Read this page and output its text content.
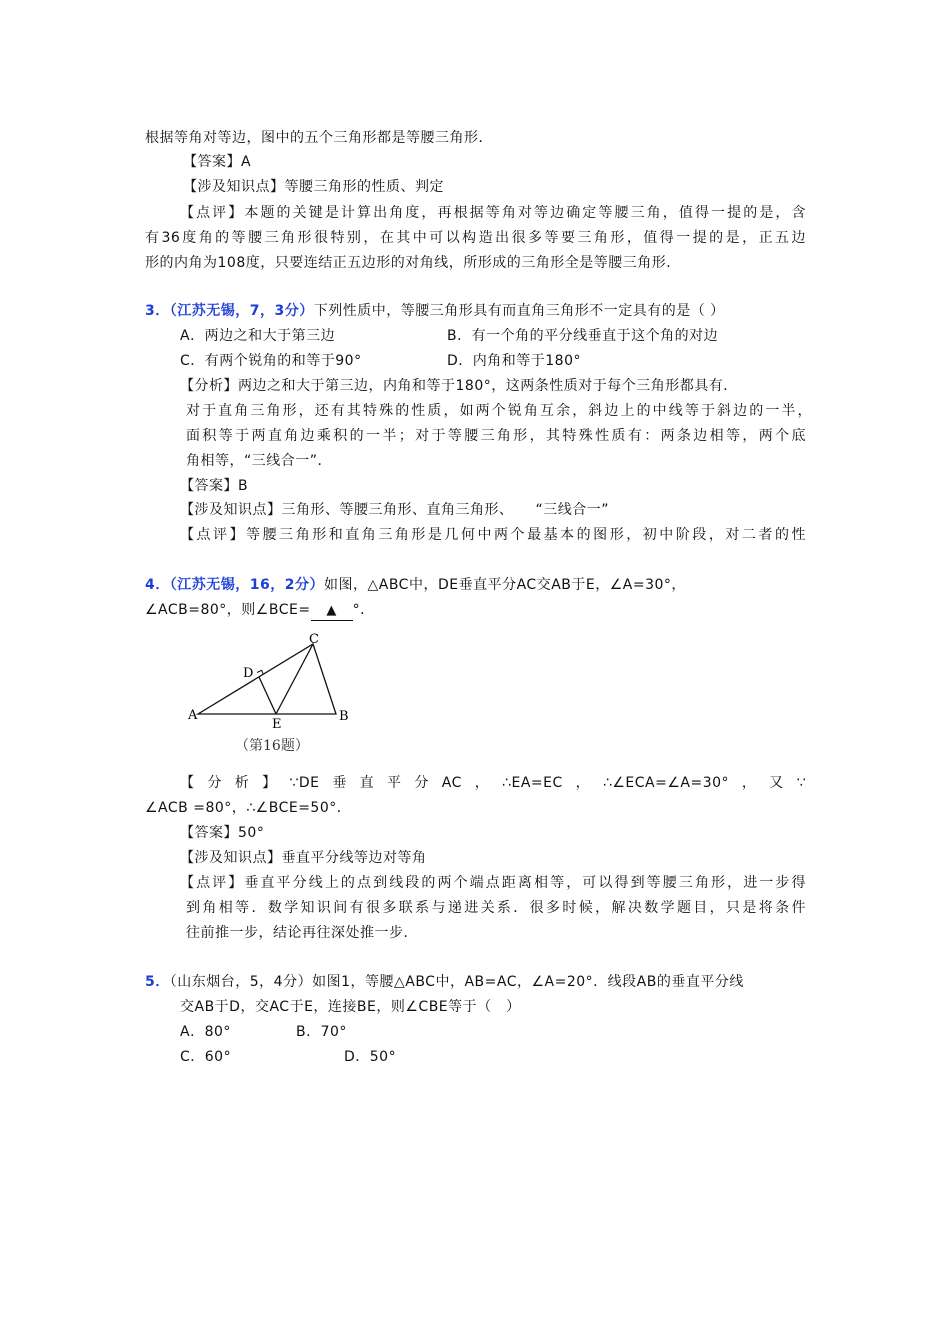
根据等角对等边，图中的五个三角形都是等腰三角形．
【答案】A
【涉及知识点】等腰三角形的性质、判定
【点评】本题的关键是计算出角度，再根据等角对等边确定等腰三角，值得一提的是，含
有36度角的等腰三角形很特别，在其中可以构造出很多等要三角形，值得一提的是，正五边
形的内角为108度，只要连结正五边形的对角线，所形成的三角形全是等腰三角形．
3．（江苏无锡，7，3分）下列性质中，等腰三角形具有而直角三角形不一定具有的是（ ）
A．两边之和大于第三边	B．有一个角的平分线垂直于这个角的对边
C．有两个锐角的和等于90°	D．内角和等于180°
【分析】两边之和大于第三边，内角和等于180°，这两条性质对于每个三角形都具有．
对于直角三角形，还有其特殊的性质，如两个锐角互余，斜边上的中线等于斜边的一半，
面积等于两直角边乘积的一半；对于等腰三角形，其特殊性质有：两条边相等，两个底
角相等，“三线合一”．
【答案】B
【涉及知识点】三角形、等腰三角形、直角三角形、　　“三线合一”
【点评】等腰三角形和直角三角形是几何中两个最基本的图形，初中阶段，对二者的性
4．（江苏无锡，16，2分）如图，△ABC中，DE垂直平分AC交AB于E，∠A=30°，
∠ACB=80°，则∠BCE= ▲ °．
A	B
C
D
E
（第16题）
【分析】∵DE垂直平分AC，∴EA=EC，∴∠ECA=∠A=30°，又∵
∠ACB =80°，∴∠BCE=50°．
【答案】50°
【涉及知识点】垂直平分线等边对等角
【点评】垂直平分线上的点到线段的两个端点距离相等，可以得到等腰三角形，进一步得
到角相等．数学知识间有很多联系与递进关系．很多时候，解决数学题目，只是将条件
往前推一步，结论再往深处推一步．
5．（山东烟台，5，4分）如图1，等腰△ABC中，AB=AC，∠A=20°．线段AB的垂直平分线
交AB于D，交AC于E，连接BE，则∠CBE等于（　）
A．80°	B．70°
C．60°	D．50°
